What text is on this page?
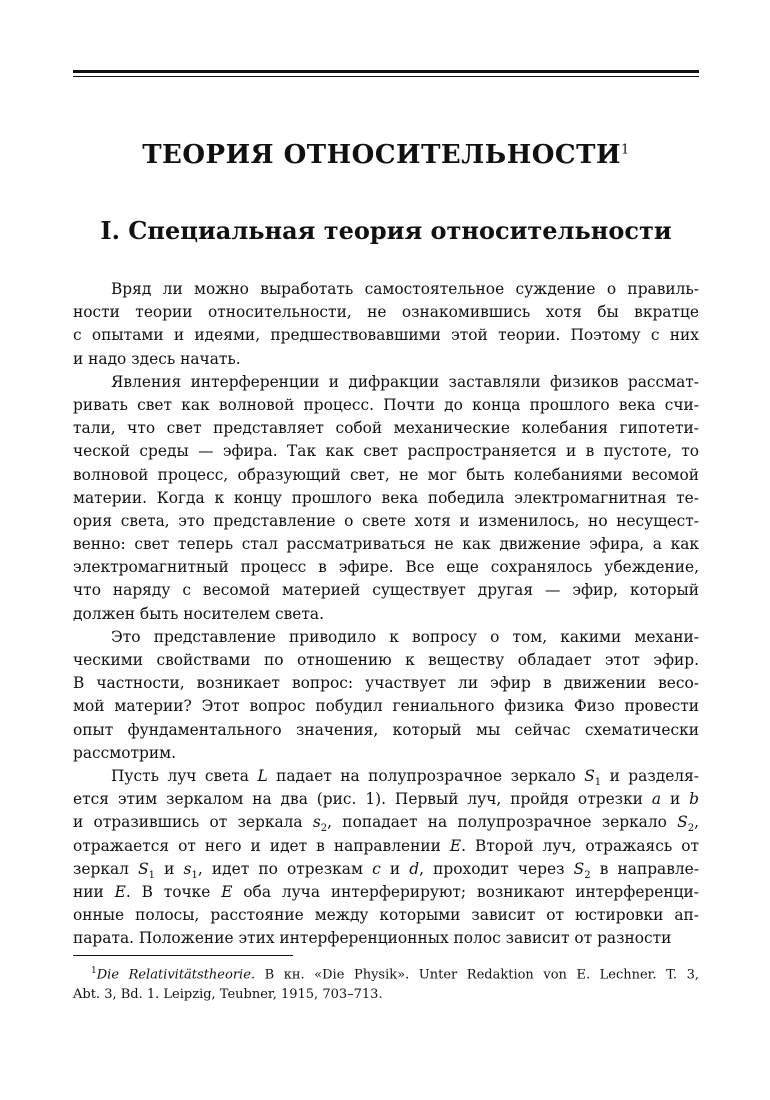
ТЕОРИЯ ОТНОСИТЕЛЬНОСТИ$^1$
I. Специальная теория относительности
Вряд ли можно выработать самостоятельное суждение о правиль-
ности теории относительности, не ознакомившись хотя бы вкратце
с опытами и идеями, предшествовавшими этой теории. Поэтому с них
и надо здесь начать.
Явления интерференции и дифракции заставляли физиков рассмат-
ривать свет как волновой процесс. Почти до конца прошлого века счи-
тали, что свет представляет собой механические колебания гипотети-
ческой среды — эфира. Так как свет распространяется и в пустоте, то
волновой процесс, образующий свет, не мог быть колебаниями весомой
материи. Когда к концу прошлого века победила электромагнитная те-
ория света, это представление о свете хотя и изменилось, но несущест-
венно: свет теперь стал рассматриваться не как движение эфира, а как
электромагнитный процесс в эфире. Все еще сохранялось убеждение,
что наряду с весомой материей существует другая — эфир, который
должен быть носителем света.
Это представление приводило к вопросу о том, какими механи-
ческими свойствами по отношению к веществу обладает этот эфир.
В частности, возникает вопрос: участвует ли эфир в движении весо-
мой материи? Этот вопрос побудил гениального физика Физо провести
опыт фундаментального значения, который мы сейчас схематически
рассмотрим.
Пусть луч света L падает на полупрозрачное зеркало $S_1$ и разделя-
ется этим зеркалом на два (рис. 1). Первый луч, пройдя отрезки a и b
и отразившись от зеркала $s_2$, попадает на полупрозрачное зеркало $S_2$,
отражается от него и идет в направлении E. Второй луч, отражаясь от
зеркал $S_1$ и $s_1$, идет по отрезкам c и d, проходит через $S_2$ в направле-
нии E. В точке E оба луча интерферируют; возникают интерференци-
онные полосы, расстояние между которыми зависит от юстировки ап-
парата. Положение этих интерференционных полос зависит от разности
$^1$Die Relativitätstheorie. В кн. «Die Physik». Unter Redaktion von E. Lechner. T. 3,
Abt. 3, Bd. 1. Leipzig, Teubner, 1915, 703–713.
